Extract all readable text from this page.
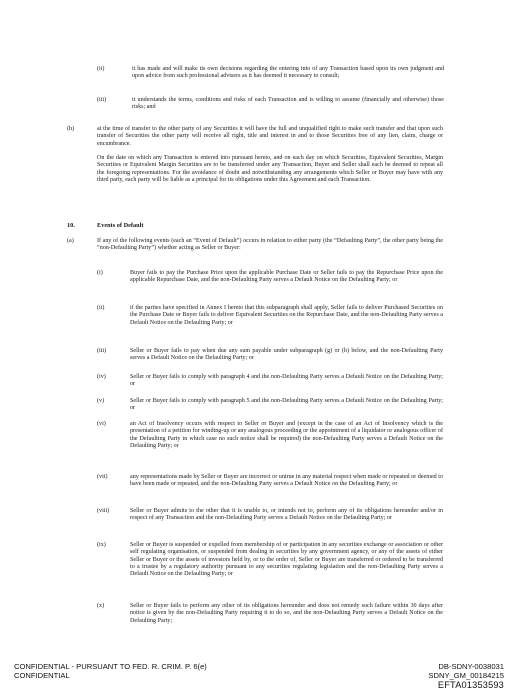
(ii)	it has made and will make its own decisions regarding the entering into of any Transaction based upon its own judgment and upon advice from such professional advisers as it has deemed it necessary to consult;
(iii)	it understands the terms, conditions and risks of each Transaction and is willing to assume (financially and otherwise) those risks; and
(h)	at the time of transfer to the other party of any Securities it will have the full and unqualified right to make such transfer and that upon such transfer of Securities the other party will receive all right, title and interest in and to those Securities free of any lien, claim, charge or encumbrance.
On the date on which any Transaction is entered into pursuant hereto, and on each day on which Securities, Equivalent Securities, Margin Securities or Equivalent Margin Securities are to be transferred under any Transaction, Buyer and Seller shall each be deemed to repeat all the foregoing representations. For the avoidance of doubt and notwithstanding any arrangements which Seller or Buyer may have with any third party, each party will be liable as a principal for its obligations under this Agreement and each Transaction.
10.	Events of Default
(a)	If any of the following events (each an “Event of Default”) occurs in relation to either party (the “Defaulting Party”, the other party being the “non-Defaulting Party”) whether acting as Seller or Buyer:
(i)	Buyer fails to pay the Purchase Price upon the applicable Purchase Date or Seller fails to pay the Repurchase Price upon the applicable Repurchase Date, and the non-Defaulting Party serves a Default Notice on the Defaulting Party; or
(ii)	if the parties have specified in Annex I hereto that this subparagraph shall apply, Seller fails to deliver Purchased Securities on the Purchase Date or Buyer fails to deliver Equivalent Securities on the Repurchase Date, and the non-Defaulting Party serves a Default Notice on the Defaulting Party; or
(iii)	Seller or Buyer fails to pay when due any sum payable under subparagraph (g) or (h) below, and the non-Defaulting Party serves a Default Notice on the Defaulting Party; or
(iv)	Seller or Buyer fails to comply with paragraph 4 and the non-Defaulting Party serves a Default Notice on the Defaulting Party; or
(v)	Seller or Buyer fails to comply with paragraph 5 and the non-Defaulting Party serves a Default Notice on the Defaulting Party; or
(vi)	an Act of Insolvency occurs with respect to Seller or Buyer and (except in the case of an Act of Insolvency which is the presentation of a petition for winding-up or any analogous proceeding or the appointment of a liquidator or analogous officer of the Defaulting Party in which case no such notice shall be required) the non-Defaulting Party serves a Default Notice on the Defaulting Party; or
(vii)	any representations made by Seller or Buyer are incorrect or untrue in any material respect when made or repeated or deemed to have been made or repeated, and the non-Defaulting Party serves a Default Notice on the Defaulting Party; or
(viii)	Seller or Buyer admits to the other that it is unable to, or intends not to, perform any of its obligations hereunder and/or in respect of any Transaction and the non-Defaulting Party serves a Default Notice on the Defaulting Party; or
(ix)	Seller or Buyer is suspended or expelled from membership of or participation in any securities exchange or association or other self regulating organisation, or suspended from dealing in securities by any government agency, or any of the assets of either Seller or Buyer or the assets of investors held by, or to the order of, Seller or Buyer are transferred or ordered to be transferred to a trustee by a regulatory authority pursuant to any securities regulating legislation and the non-Defaulting Party serves a Default Notice on the Defaulting Party; or
(x)	Seller or Buyer fails to perform any other of its obligations hereunder and does not remedy such failure within 30 days after notice is given by the non-Defaulting Party requiring it to do so, and the non-Defaulting Party serves a Default Notice on the Defaulting Party;
CONFIDENTIAL - PURSUANT TO FED. R. CRIM. P. 6(e)
CONFIDENTIAL
DB-SDNY-0038031
SDNY_GM_00184215
EFTA01353593
